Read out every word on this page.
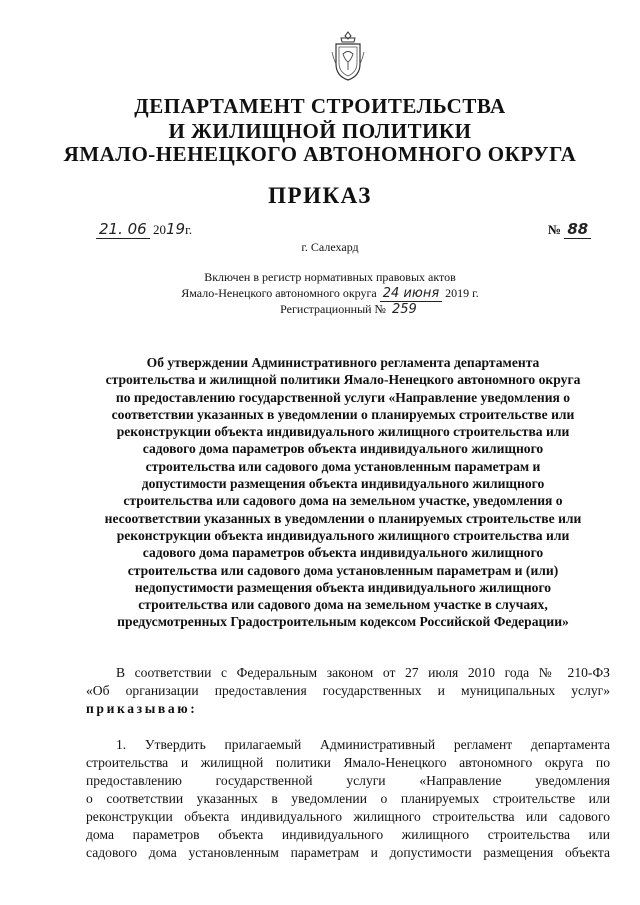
ДЕПАРТАМЕНТ СТРОИТЕЛЬСТВА
И ЖИЛИЩНОЙ ПОЛИТИКИ
ЯМАЛО-НЕНЕЦКОГО АВТОНОМНОГО ОКРУГА
ПРИКАЗ
21. 06 2019г.	№ 88
г. Салехард
Включен в регистр нормативных правовых актов
Ямало-Ненецкого автономного округа 24 июня 2019 г.
Регистрационный № 259
Об утверждении Административного регламента департамента
строительства и жилищной политики Ямало-Ненецкого автономного округа
по предоставлению государственной услуги «Направление уведомления о
соответствии указанных в уведомлении о планируемых строительстве или
реконструкции объекта индивидуального жилищного строительства или
садового дома параметров объекта индивидуального жилищного
строительства или садового дома установленным параметрам и
допустимости размещения объекта индивидуального жилищного
строительства или садового дома на земельном участке, уведомления о
несоответствии указанных в уведомлении о планируемых строительстве или
реконструкции объекта индивидуального жилищного строительства или
садового дома параметров объекта индивидуального жилищного
строительства или садового дома установленным параметрам и (или)
недопустимости размещения объекта индивидуального жилищного
строительства или садового дома на земельном участке в случаях,
предусмотренных Градостроительным кодексом Российской Федерации»
В соответствии с Федеральным законом от 27 июля 2010 года № 210-ФЗ
«Об организации предоставления государственных и муниципальных услуг»
приказываю:
1. Утвердить прилагаемый Административный регламент департамента
строительства и жилищной политики Ямало-Ненецкого автономного округа по
предоставлению государственной услуги «Направление уведомления
о соответствии указанных в уведомлении о планируемых строительстве или
реконструкции объекта индивидуального жилищного строительства или садового
дома параметров объекта индивидуального жилищного строительства или
садового дома установленным параметрам и допустимости размещения объекта
